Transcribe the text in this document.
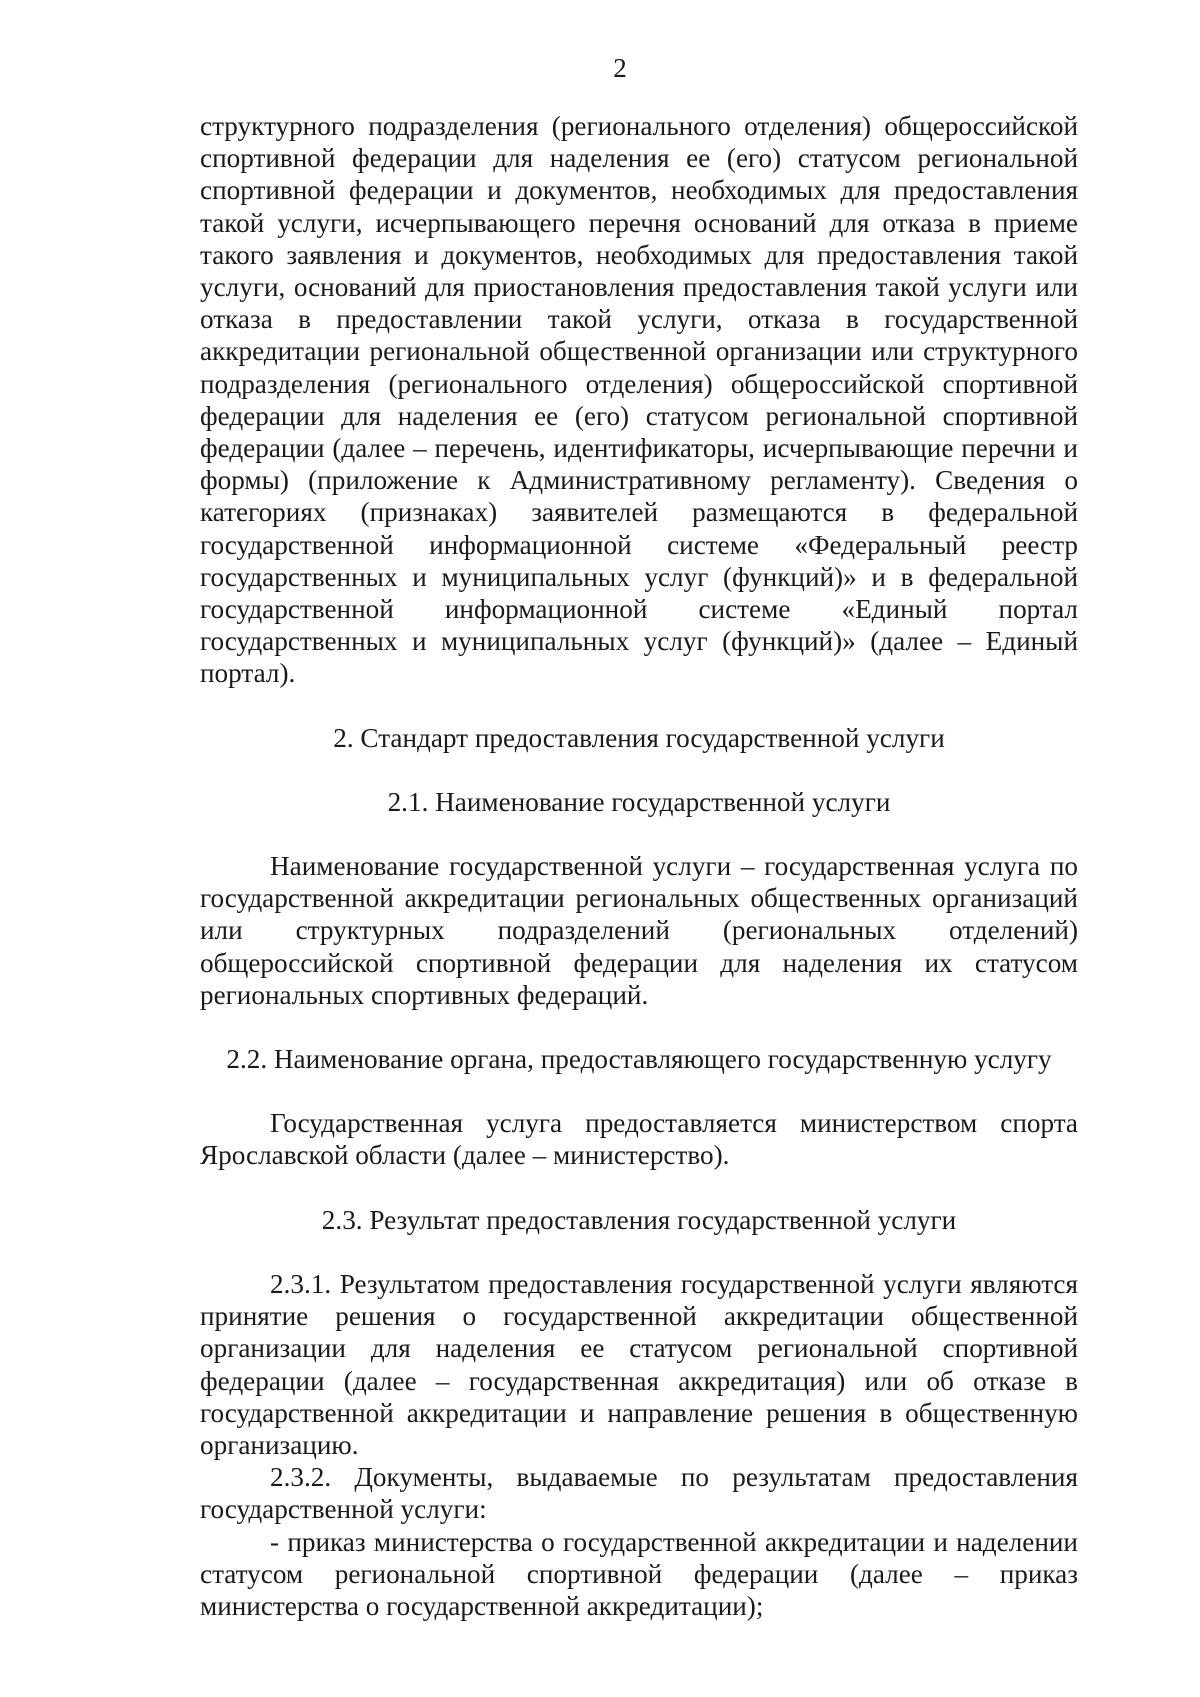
2

структурного подразделения (регионального отделения) общероссийской спортивной федерации для наделения ее (его) статусом региональной спортивной федерации и документов, необходимых для предоставления такой услуги, исчерпывающего перечня оснований для отказа в приеме такого заявления и документов, необходимых для предоставления такой услуги, оснований для приостановления предоставления такой услуги или отказа в предоставлении такой услуги, отказа в государственной аккредитации региональной общественной организации или структурного подразделения (регионального отделения) общероссийской спортивной федерации для наделения ее (его) статусом региональной спортивной федерации (далее – перечень, идентификаторы, исчерпывающие перечни и формы) (приложение к Административному регламенту). Сведения о категориях (признаках) заявителей размещаются в федеральной государственной информационной системе «Федеральный реестр государственных и муниципальных услуг (функций)» и в федеральной государственной информационной системе «Единый портал государственных и муниципальных услуг (функций)» (далее – Единый портал).

2. Стандарт предоставления государственной услуги

2.1. Наименование государственной услуги

Наименование государственной услуги – государственная услуга по государственной аккредитации региональных общественных организаций или структурных подразделений (региональных отделений) общероссийской спортивной федерации для наделения их статусом региональных спортивных федераций.

2.2. Наименование органа, предоставляющего государственную услугу

Государственная услуга предоставляется министерством спорта Ярославской области (далее – министерство).

2.3. Результат предоставления государственной услуги

2.3.1. Результатом предоставления государственной услуги являются принятие решения о государственной аккредитации общественной организации для наделения ее статусом региональной спортивной федерации (далее – государственная аккредитация) или об отказе в государственной аккредитации и направление решения в общественную организацию.

2.3.2. Документы, выдаваемые по результатам предоставления государственной услуги:

- приказ министерства о государственной аккредитации и наделении статусом региональной спортивной федерации (далее – приказ министерства о государственной аккредитации);
